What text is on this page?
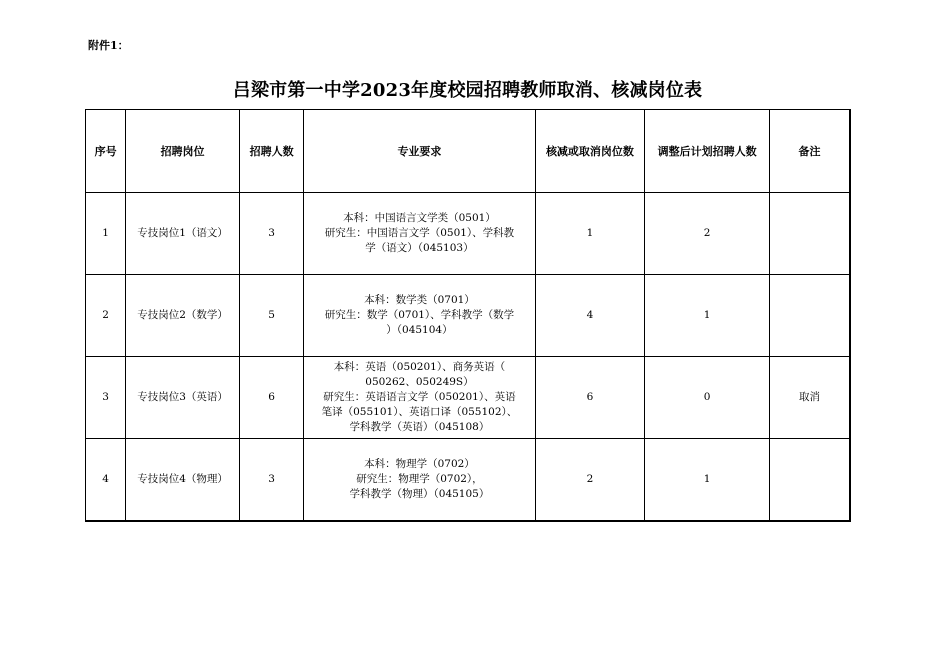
附件1：
吕梁市第一中学2023年度校园招聘教师取消、核减岗位表
序号	招聘岗位	招聘人数	专业要求	核减或取消岗位数	调整后计划招聘人数	备注
1	专技岗位1（语文）	3	本科：中国语言文学类（0501）
研究生：中国语言文学（0501）、学科教
学（语文）（045103）	1	2	
2	专技岗位2（数学）	5	本科：数学类（0701）
研究生：数学（0701）、学科教学（数学
）（045104）	4	1	
3	专技岗位3（英语）	6	本科：英语（050201）、商务英语（
050262、050249S）
研究生：英语语言文学（050201）、英语
笔译（055101）、英语口译（055102）、
学科教学（英语）（045108）	6	0	取消
4	专技岗位4（物理）	3	本科：物理学（0702）
研究生：物理学（0702），
学科教学（物理）（045105）	2	1	
